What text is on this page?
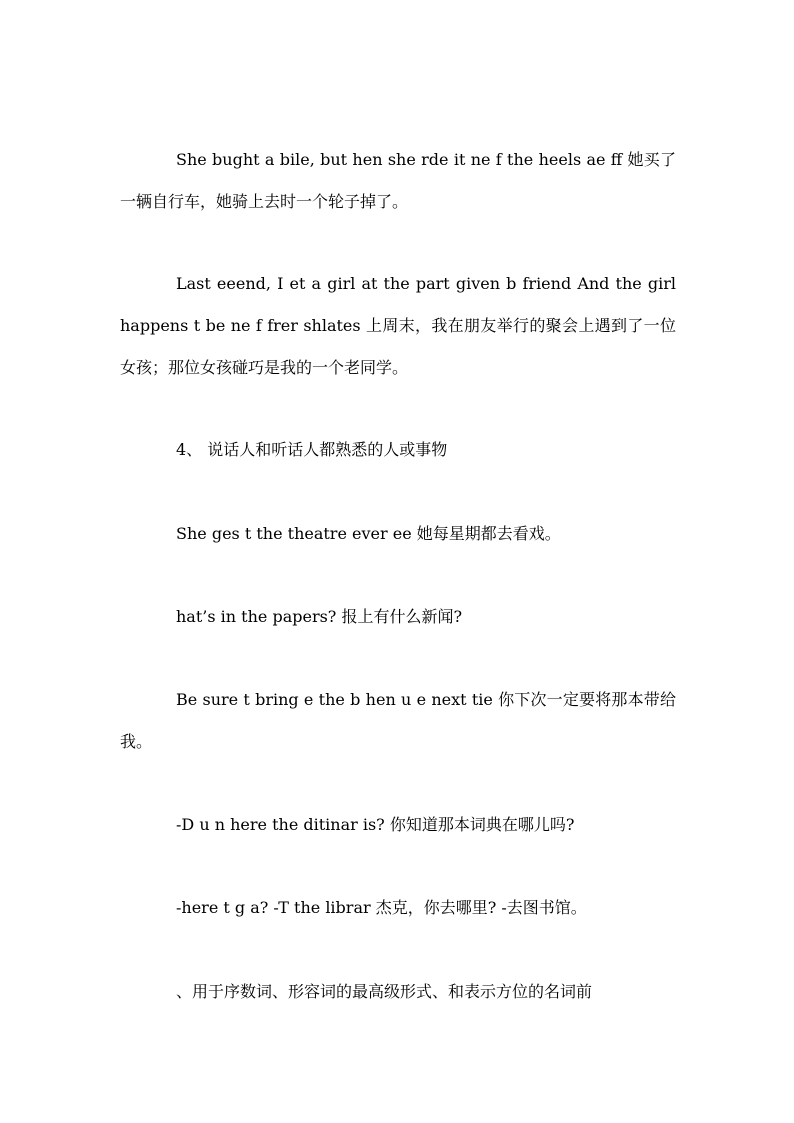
She bught a bile, but hen she rde it ne f the heels ae ff 她买了一辆自行车，她骑上去时一个轮子掉了。

Last eeend, I et a girl at the part given b friend And the girl happens t be ne f frer shlates 上周末，我在朋友举行的聚会上遇到了一位女孩；那位女孩碰巧是我的一个老同学。

4、 说话人和听话人都熟悉的人或事物

She ges t the theatre ever ee 她每星期都去看戏。

hat’s in the papers? 报上有什么新闻?

Be sure t bring e the b hen u e next tie 你下次一定要将那本带给我。

-D u n here the ditinar is? 你知道那本词典在哪儿吗?

-here t g a? -T the librar 杰克，你去哪里? -去图书馆。

、用于序数词、形容词的最高级形式、和表示方位的名词前
